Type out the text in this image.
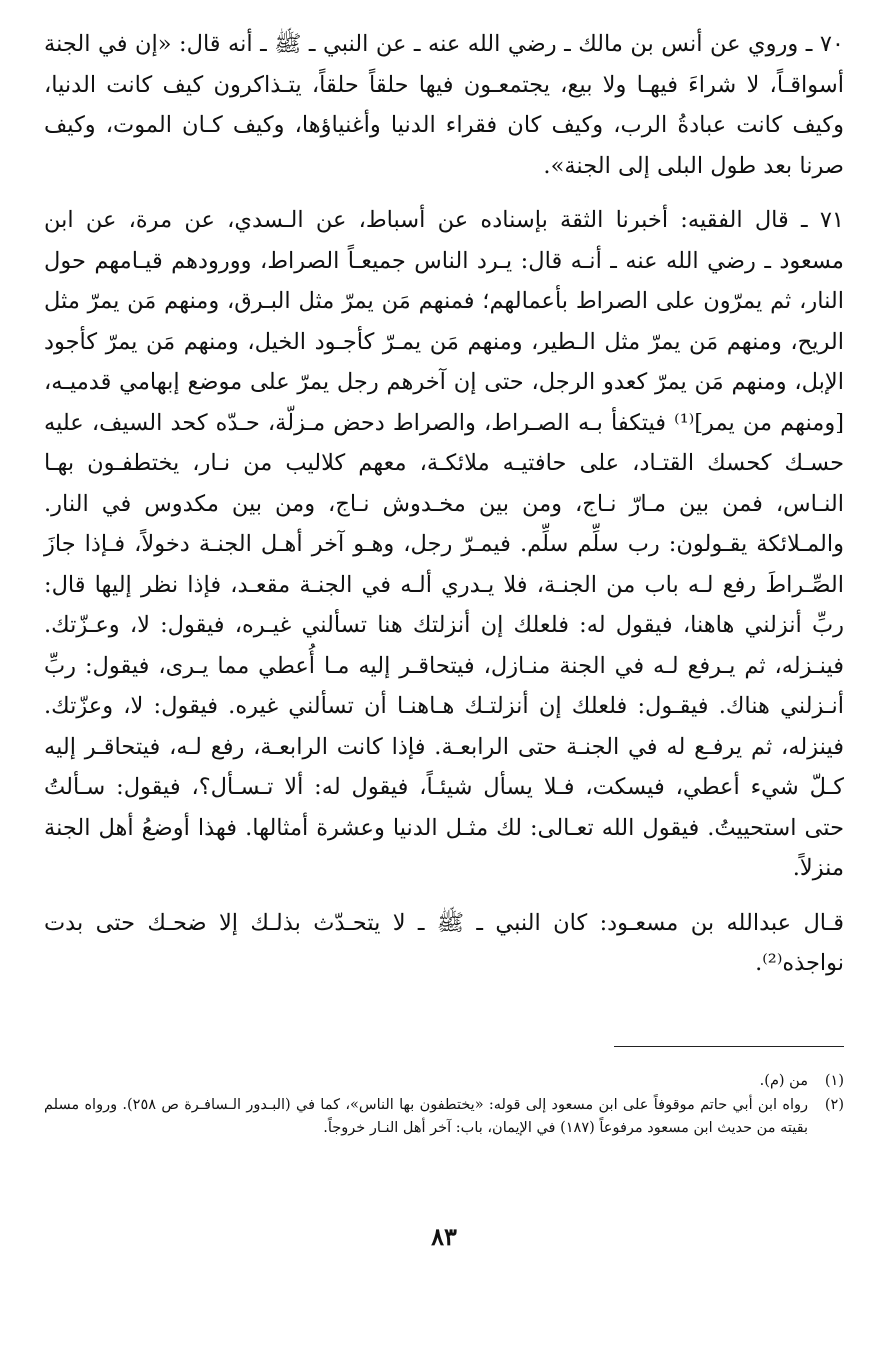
٧٠ ـ وروي عن أنس بن مالك ـ رضي الله عنه ـ عن النبي ـ ﷺ ـ أنه قال: «إن في الجنة أسواقـاً، لا شراءَ فيهـا ولا بيع، يجتمعـون فيها حلقاً حلقاً، يتـذاكرون كيف كانت الدنيا، وكيف كانت عبادةُ الرب، وكيف كان فقراء الدنيا وأغنياؤها، وكيف كـان الموت، وكيف صرنا بعد طول البلى إلى الجنة».

٧١ ـ قال الفقيه: أخبرنا الثقة بإسناده عن أسباط، عن الـسدي، عن مرة، عن ابن مسعود ـ رضي الله عنه ـ أنـه قال: يـرد الناس جميعـاً الصراط، وورودهم قيـامهم حول النار، ثم يمرّون على الصراط بأعمالهم؛ فمنهم مَن يمرّ مثل البـرق، ومنهم مَن يمرّ مثل الريح، ومنهم مَن يمرّ مثل الـطير، ومنهم مَن يمـرّ كأجـود الخيل، ومنهم مَن يمرّ كأجود الإبل، ومنهم مَن يمرّ كعدو الرجل، حتى إن آخرهم رجل يمرّ على موضع إبهامي قدميـه، [ومنهم من يمر]⁽¹⁾ فيتكفأ بـه الصـراط، والصراط دحض مـزلّة، حـدّه كحد السيف، عليه حسـك كحسك القتـاد، على حافتيـه ملائكـة، معهم كلاليب من نـار، يختطفـون بهـا النـاس، فمن بين مـارّ نـاج، ومن بين مخـدوش نـاج، ومن بين مكدوس في النار. والمـلائكة يقـولون: رب سلِّم سلِّم. فيمـرّ رجل، وهـو آخر أهـل الجنـة دخولاً، فـإذا جازَ الصِّـراطَ رفع لـه باب من الجنـة، فلا يـدري ألـه في الجنـة مقعـد، فإذا نظر إليها قال: ربِّ أنزلني هاهنا، فيقول له: فلعلك إن أنزلتك هنا تسألني غيـره، فيقول: لا، وعـزّتك. فينـزله، ثم يـرفع لـه في الجنة منـازل، فيتحاقـر إليه مـا أُعطي مما يـرى، فيقول: ربِّ أنـزلني هناك. فيقـول: فلعلك إن أنزلتـك هـاهنـا أن تسألني غيره. فيقول: لا، وعزّتك. فينزله، ثم يرفـع له في الجنـة حتى الرابعـة. فإذا كانت الرابعـة، رفع لـه، فيتحاقـر إليه كـلّ شيء أعطي، فيسكت، فـلا يسأل شيئـاً، فيقول له: ألا تـسـأل؟، فيقول: سـألتُ حتى استحييتُ. فيقول الله تعـالى: لك مثـل الدنيا وعشرة أمثالها. فهذا أوضعُ أهل الجنة منزلاً.

قـال عبدالله بن مسعـود: كان النبي ـ ﷺ ـ لا يتحـدّث بذلـك إلا ضحـك حتى بدت نواجذه⁽²⁾.

(١)
من (م).
(٢)
رواه ابن أبي حاتم موقوفاً على ابن مسعود إلى قوله: «يختطفون بها الناس»، كما في (البـدور الـسافـرة ص ٢٥٨). ورواه مسلم بقيته من حديث ابن مسعود مرفوعاً (١٨٧) في الإيمان، باب: آخر أهل النـار خروجاً.
٨٣
